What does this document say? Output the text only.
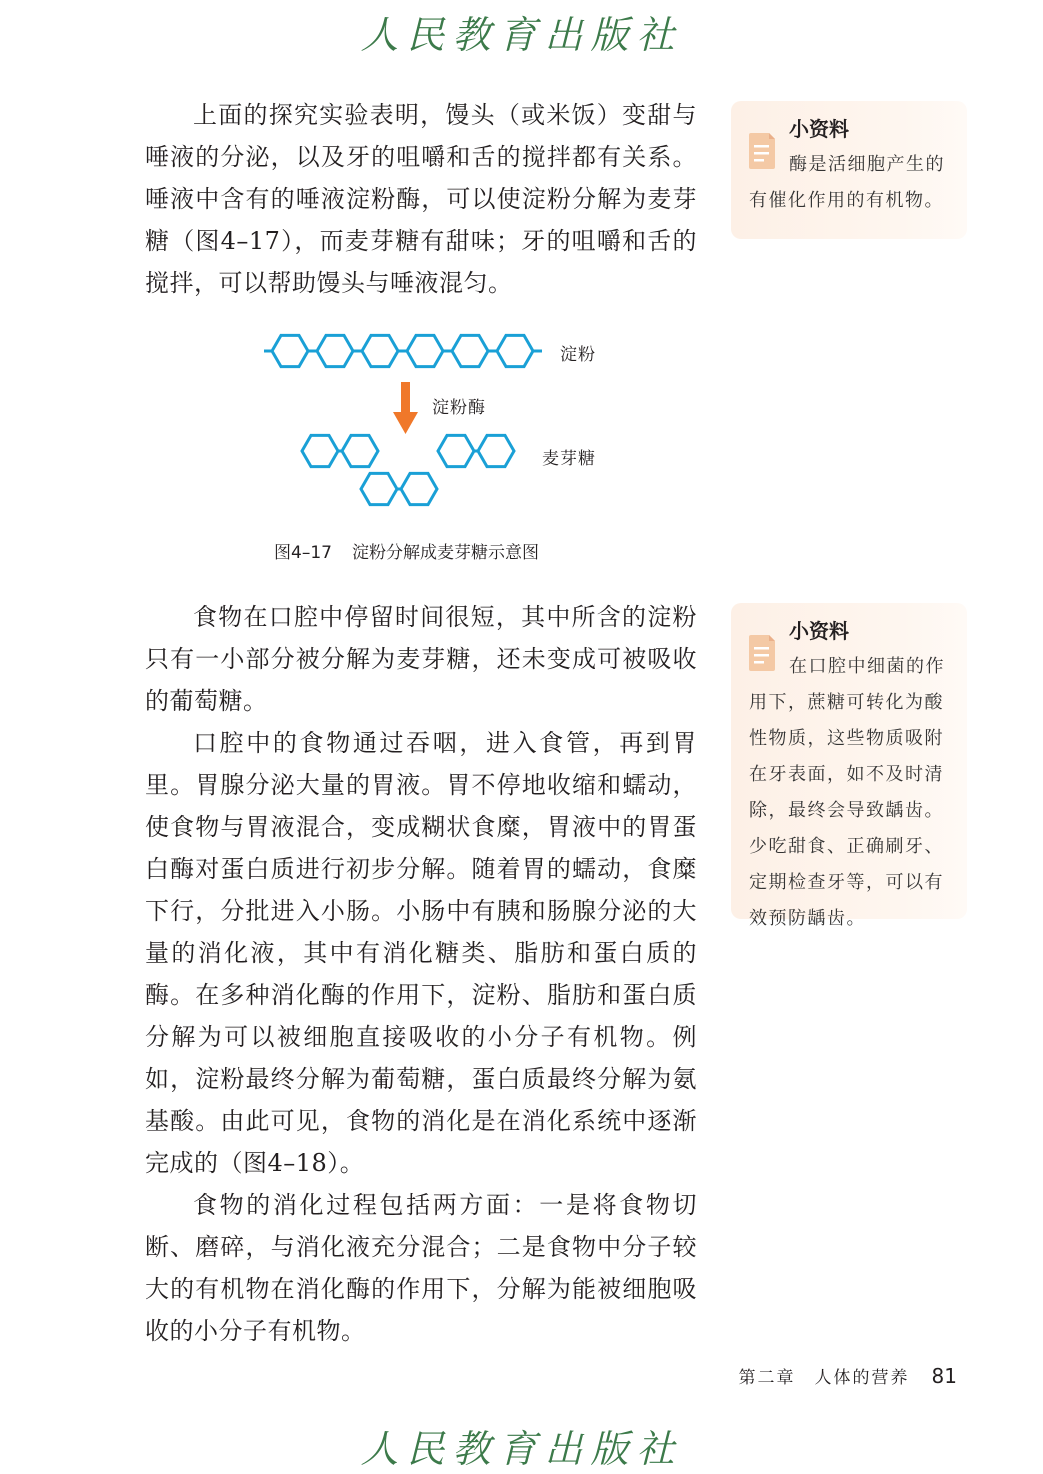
人民教育出版社

上面的探究实验表明，馒头（或米饭）变甜与唾液的分泌，以及牙的咀嚼和舌的搅拌都有关系。唾液中含有的唾液淀粉酶，可以使淀粉分解为麦芽糖（图4–17），而麦芽糖有甜味；牙的咀嚼和舌的搅拌，可以帮助馒头与唾液混匀。

小资料
酶是活细胞产生的有催化作用的有机物。
淀粉
淀粉酶
麦芽糖
图4–17 淀粉分解成麦芽糖示意图

食物在口腔中停留时间很短，其中所含的淀粉只有一小部分被分解为麦芽糖，还未变成可被吸收的葡萄糖。

口腔中的食物通过吞咽，进入食管，再到胃里。胃腺分泌大量的胃液。胃不停地收缩和蠕动，使食物与胃液混合，变成糊状食糜，胃液中的胃蛋白酶对蛋白质进行初步分解。随着胃的蠕动，食糜下行，分批进入小肠。小肠中有胰和肠腺分泌的大量的消化液，其中有消化糖类、脂肪和蛋白质的酶。在多种消化酶的作用下，淀粉、脂肪和蛋白质分解为可以被细胞直接吸收的小分子有机物。例如，淀粉最终分解为葡萄糖，蛋白质最终分解为氨基酸。由此可见，食物的消化是在消化系统中逐渐完成的（图4–18）。

食物的消化过程包括两方面：一是将食物切断、磨碎，与消化液充分混合；二是食物中分子较大的有机物在消化酶的作用下，分解为能被细胞吸收的小分子有机物。

小资料
在口腔中细菌的作用下，蔗糖可转化为酸性物质，这些物质吸附在牙表面，如不及时清除，最终会导致龋齿。少吃甜食、正确刷牙、定期检查牙等，可以有效预防龋齿。
第二章　人体的营养 81
人民教育出版社
